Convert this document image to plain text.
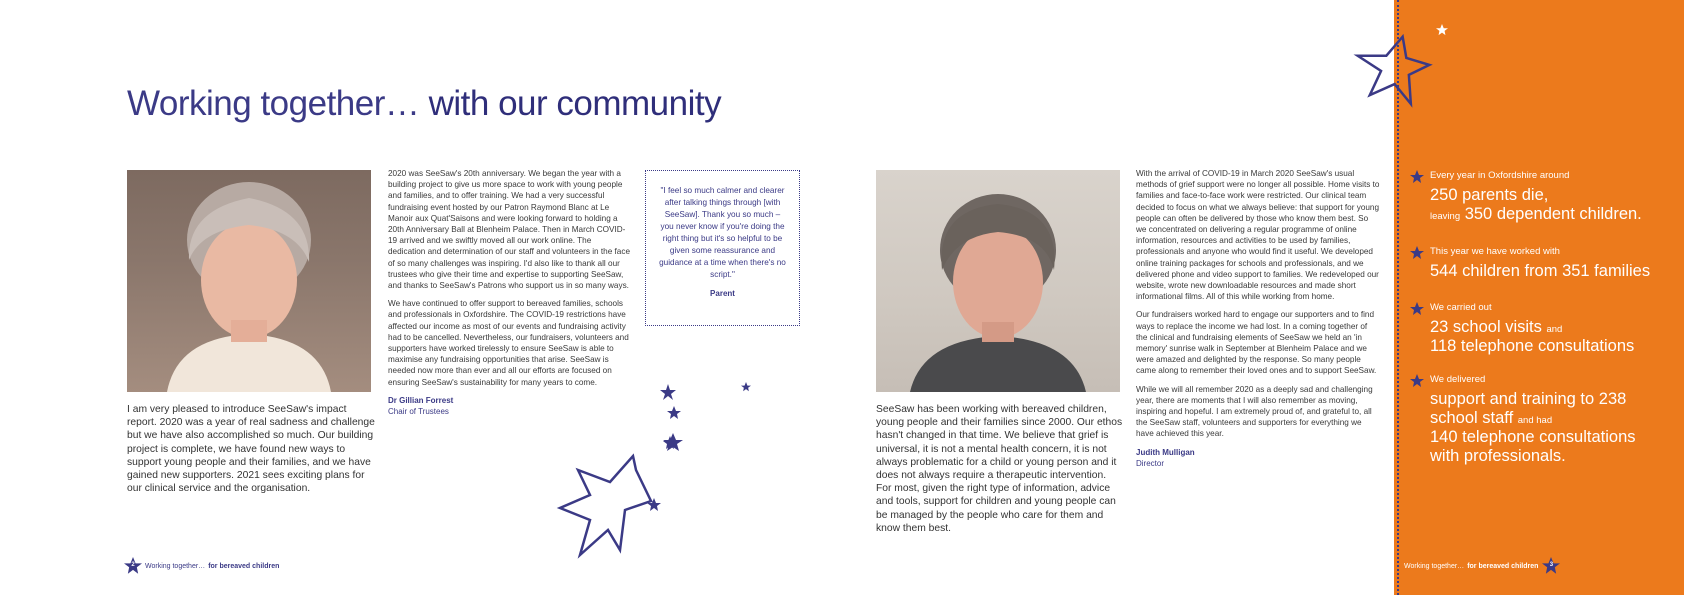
Working together… with our community

I am very pleased to introduce SeeSaw's impact report. 2020 was a year of real sadness and challenge but we have also accomplished so much. Our building project is complete, we have found new ways to support young people and their families, and we have gained new supporters. 2021 sees exciting plans for our clinical service and the organisation.

2020 was SeeSaw's 20th anniversary. We began the year with a building project to give us more space to work with young people and families, and to offer training. We had a very successful fundraising event hosted by our Patron Raymond Blanc at Le Manoir aux Quat'Saisons and were looking forward to holding a 20th Anniversary Ball at Blenheim Palace. Then in March COVID-19 arrived and we swiftly moved all our work online. The dedication and determination of our staff and volunteers in the face of so many challenges was inspiring. I'd also like to thank all our trustees who give their time and expertise to supporting SeeSaw, and thanks to SeeSaw's Patrons who support us in so many ways.

We have continued to offer support to bereaved families, schools and professionals in Oxfordshire. The COVID-19 restrictions have affected our income as most of our events and fundraising activity had to be cancelled. Nevertheless, our fundraisers, volunteers and supporters have worked tirelessly to ensure SeeSaw is able to maximise any fundraising opportunities that arise. SeeSaw is needed now more than ever and all our efforts are focused on ensuring SeeSaw's sustainability for many years to come.

Dr Gillian Forrest
Chair of Trustees
"I feel so much calmer and clearer after talking things through [with SeeSaw]. Thank you so much – you never know if you're doing the right thing but it's so helpful to be given some reassurance and guidance at a time when there's no script."
Parent

SeeSaw has been working with bereaved children, young people and their families since 2000. Our ethos hasn't changed in that time. We believe that grief is universal, it is not a mental health concern, it is not always problematic for a child or young person and it does not always require a therapeutic intervention. For most, given the right type of information, advice and tools, support for children and young people can be managed by the people who care for them and know them best.

With the arrival of COVID-19 in March 2020 SeeSaw's usual methods of grief support were no longer all possible. Home visits to families and face-to-face work were restricted. Our clinical team decided to focus on what we always believe: that support for young people can often be delivered by those who know them best. So we concentrated on delivering a regular programme of online information, resources and activities to be used by families, professionals and anyone who would find it useful. We developed online training packages for schools and professionals, and we delivered phone and video support to families. We redeveloped our website, wrote new downloadable resources and made short informational films. All of this while working from home.

Our fundraisers worked hard to engage our supporters and to find ways to replace the income we had lost. In a coming together of the clinical and fundraising elements of SeeSaw we held an 'in memory' sunrise walk in September at Blenheim Palace and we were amazed and delighted by the response. So many people came along to remember their loved ones and to support SeeSaw.

While we will all remember 2020 as a deeply sad and challenging year, there are moments that I will also remember as moving, inspiring and hopeful. I am extremely proud of, and grateful to, all the SeeSaw staff, volunteers and supporters for everything we have achieved this year.

Judith Mulligan
Director
Every year in Oxfordshire around
250 parents die,
leaving 350 dependent children.
This year we have worked with
544 children from 351 families
We carried out
23 school visits and
118 telephone consultations
We delivered
support and training to 238
school staff and had
140 telephone consultations
with professionals.
2	Working together… for bereaved children	Working together… for bereaved children	3
